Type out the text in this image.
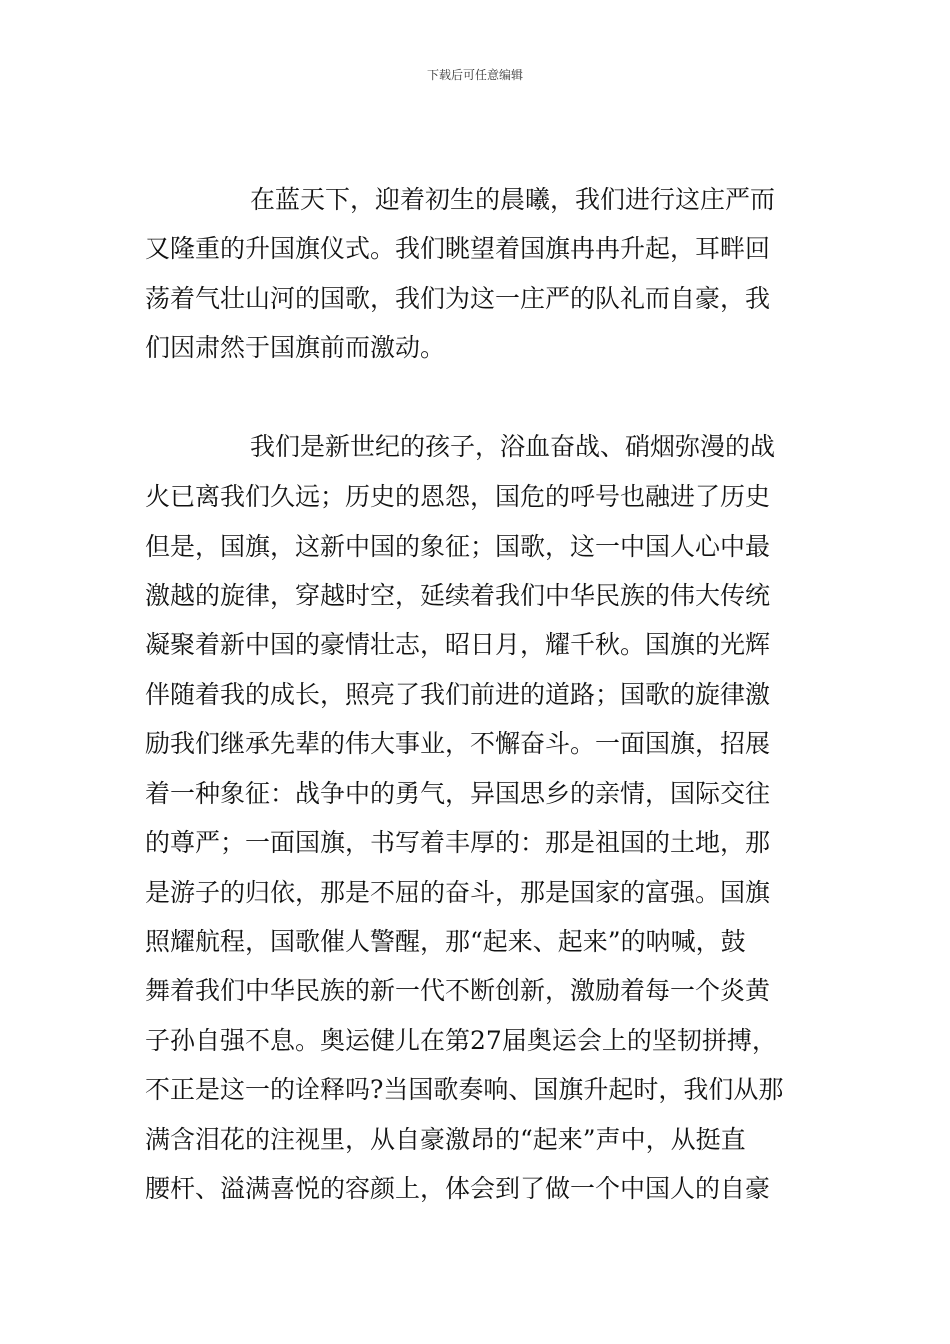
下载后可任意编辑
在蓝天下，迎着初生的晨曦，我们进行这庄严而
又隆重的升国旗仪式。我们眺望着国旗冉冉升起，耳畔回
荡着气壮山河的国歌，我们为这一庄严的队礼而自豪，我
们因肃然于国旗前而激动。
我们是新世纪的孩子，浴血奋战、硝烟弥漫的战
火已离我们久远；历史的恩怨，国危的呼号也融进了历史
但是，国旗，这新中国的象征；国歌，这一中国人心中最
激越的旋律，穿越时空，延续着我们中华民族的伟大传统
凝聚着新中国的豪情壮志，昭日月，耀千秋。国旗的光辉
伴随着我的成长，照亮了我们前进的道路；国歌的旋律激
励我们继承先辈的伟大事业，不懈奋斗。一面国旗，招展
着一种象征：战争中的勇气，异国思乡的亲情，国际交往
的尊严；一面国旗，书写着丰厚的：那是祖国的土地，那
是游子的归依，那是不屈的奋斗，那是国家的富强。国旗
照耀航程，国歌催人警醒，那“起来、起来”的呐喊，鼓
舞着我们中华民族的新一代不断创新，激励着每一个炎黄
子孙自强不息。奥运健儿在第27届奥运会上的坚韧拼搏，
不正是这一的诠释吗?当国歌奏响、国旗升起时，我们从那
满含泪花的注视里，从自豪激昂的“起来”声中，从挺直
腰杆、溢满喜悦的容颜上，体会到了做一个中国人的自豪
